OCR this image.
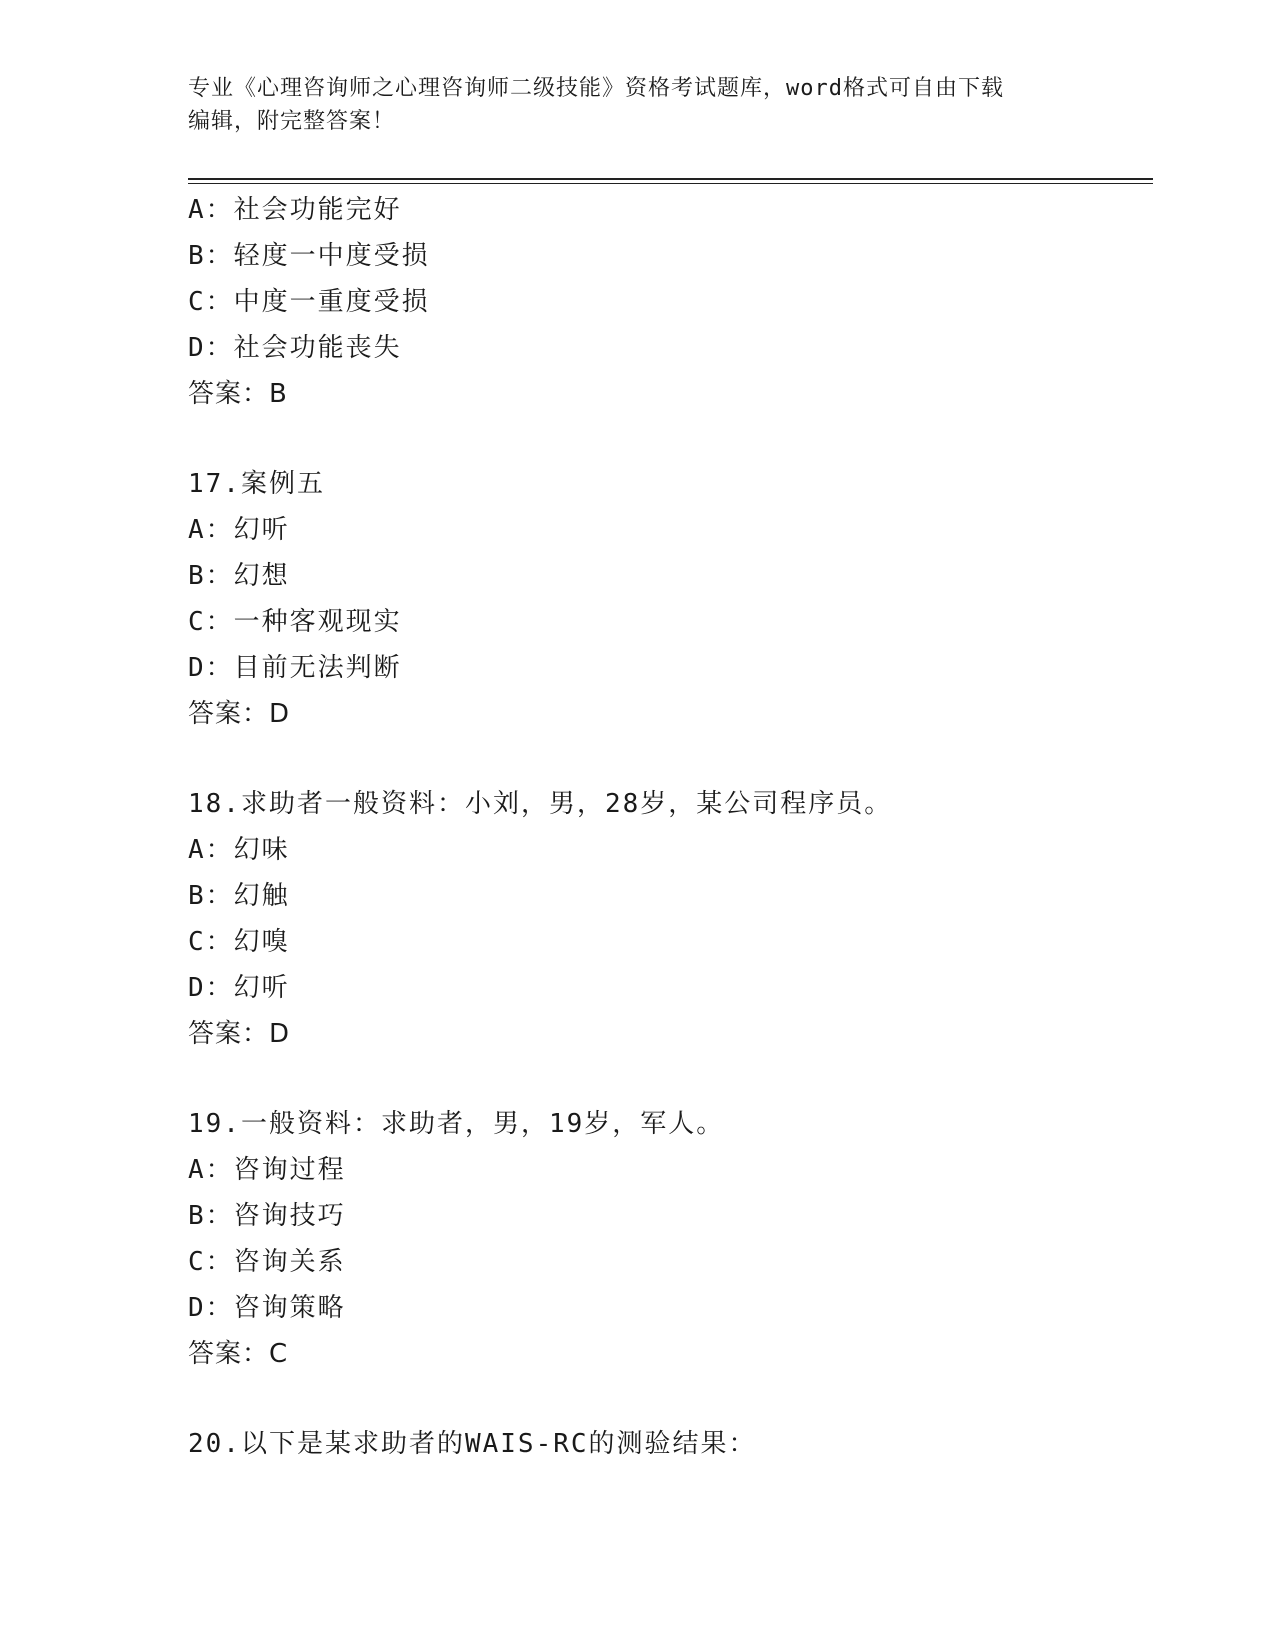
专业《心理咨询师之心理咨询师二级技能》资格考试题库，word格式可自由下载
编辑，附完整答案！
A：社会功能完好
B：轻度一中度受损
C：中度一重度受损
D：社会功能丧失
答案：B
17.案例五
A：幻听
B：幻想
C：一种客观现实
D：目前无法判断
答案：D
18.求助者一般资料：小刘，男，28岁，某公司程序员。
A：幻味
B：幻触
C：幻嗅
D：幻听
答案：D
19.一般资料：求助者，男，19岁，军人。
A：咨询过程
B：咨询技巧
C：咨询关系
D：咨询策略
答案：C
20.以下是某求助者的WAIS-RC的测验结果：
